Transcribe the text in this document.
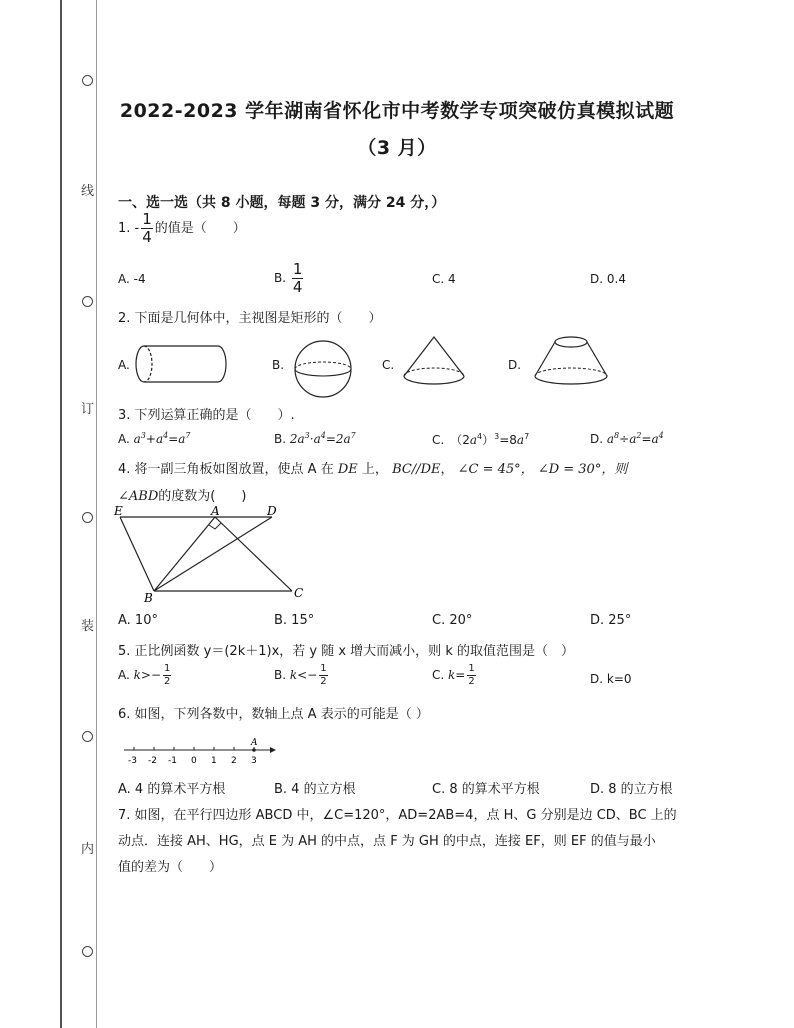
线
订
装
内
2022-2023 学年湖南省怀化市中考数学专项突破仿真模拟试题
（3 月）
一、选一选（共 8 小题，每题 3 分，满分 24 分，）
1. - $\frac{1}{4}$ 的值是（　　）
A. -4	B. $\frac{1}{4}$	C. 4	D. 0.4
2. 下面是几何体中，主视图是矩形的（　　）
A.	B.	C.	D.
3. 下列运算正确的是（　　）.
A. $a^3+a^4=a^7$	B. $2a^3\cdot a^4=2a^7$	C.　$(2a^4)^3=8a^7$	D. $a^8\div a^2=a^4$
4. 将一副三角板如图放置，使点 A 在 DE 上， BC//DE， ∠C = 45°， ∠D = 30°，则
∠ABD的度数为(　　)
E	A	D
B	C
A. 10°	B. 15°	C. 20°	D. 25°
5. 正比例函数 y＝(2k＋1)x，若 y 随 x 增大而减小，则 k 的取值范围是（　）
A. $k>- \frac{1}{2}$	B. $k<- \frac{1}{2}$	C. $k= \frac{1}{2}$	D. k=0
6. 如图，下列各数中，数轴上点 A 表示的可能是（ ）
-3 -2 -1 0 1 2 3
A
A. 4 的算术平方根	B. 4 的立方根	C. 8 的算术平方根	D. 8 的立方根
7. 如图，在平行四边形 ABCD 中，∠C=120°，AD=2AB=4，点 H、G 分别是边 CD、BC 上的
动点．连接 AH、HG，点 E 为 AH 的中点，点 F 为 GH 的中点，连接 EF，则 EF 的值与最小
值的差为（　　）
